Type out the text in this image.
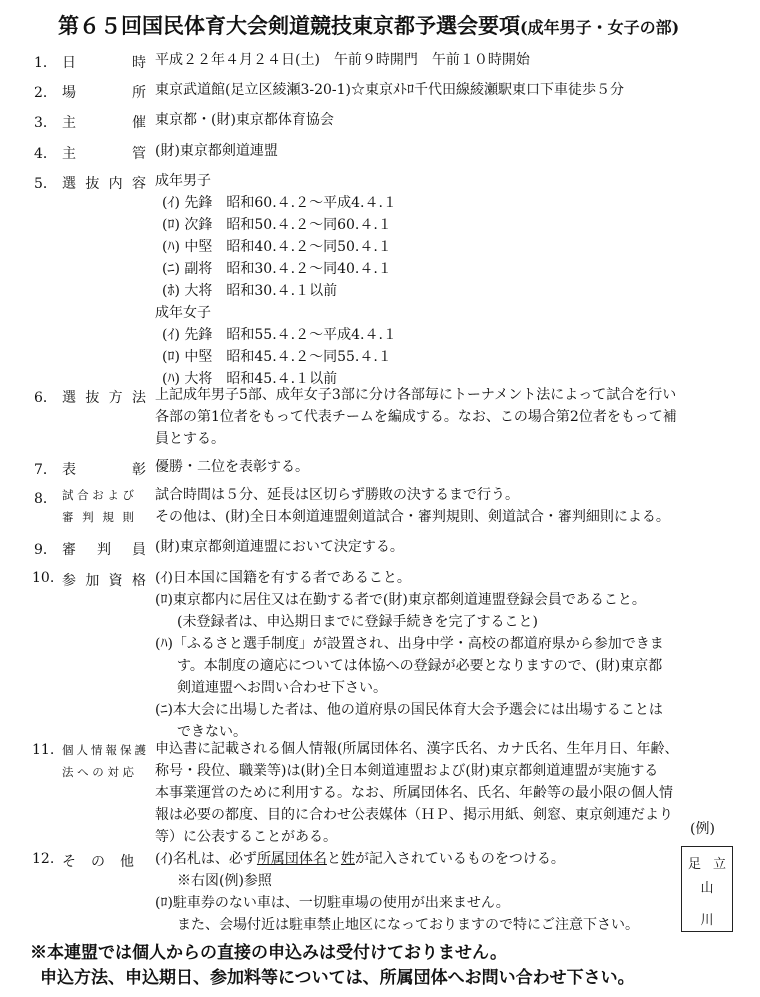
第６５回国民体育大会剣道競技東京都予選会要項(成年男子・女子の部)
1． 日	時 平成２２年４月２４日(土)　午前９時開門　午前１０時開始
2． 場	所 東京武道館(足立区綾瀬3-20-1)☆東京ﾒﾄﾛ千代田線綾瀬駅東口下車徒歩５分
3． 主	催 東京都・(財)東京都体育協会
4． 主	管 (財)東京都剣道連盟
5． 選 抜 内 容 成年男子
(ｲ) 先鋒　昭和60.４.２～平成4.４.１
(ﾛ) 次鋒　昭和50.４.２～同60.４.１
(ﾊ) 中堅　昭和40.４.２～同50.４.１
(ﾆ) 副将　昭和30.４.２～同40.４.１
(ﾎ) 大将　昭和30.４.１以前
成年女子
(ｲ) 先鋒　昭和55.４.２～平成4.４.１
(ﾛ) 中堅　昭和45.４.２～同55.４.１
(ﾊ) 大将　昭和45.４.１以前
6． 選 抜 方 法 上記成年男子5部、成年女子3部に分け各部毎にトーナメント法によって試合を行い
各部の第1位者をもって代表チームを編成する。なお、この場合第2位者をもって補
員とする。
7． 表	彰 優勝・二位を表彰する。
8． 試 合 お よ び
審 判 規 則
試合時間は５分、延長は区切らず勝敗の決するまで行う。
その他は、(財)全日本剣道連盟剣道試合・審判規則、剣道試合・審判細則による。
9． 審 判 員 (財)東京都剣道連盟において決定する。
10. 参 加 資 格 (ｲ)日本国に国籍を有する者であること。
(ﾛ)東京都内に居住又は在勤する者で(財)東京都剣道連盟登録会員であること。
(未登録者は、申込期日までに登録手続きを完了すること)
(ﾊ)「ふるさと選手制度」が設置され、出身中学・高校の都道府県から参加できま
す。本制度の適応については体協への登録が必要となりますので、(財)東京都
剣道連盟へお問い合わせ下さい。
(ﾆ)本大会に出場した者は、他の道府県の国民体育大会予選会には出場することは
できない。
11. 個 人 情 報 保 護
法 へ の 対 応
申込書に記載される個人情報(所属団体名、漢字氏名、カナ氏名、生年月日、年齢、
称号・段位、職業等)は(財)全日本剣道連盟および(財)東京都剣道連盟が実施する
本事業運営のために利用する。なお、所属団体名、氏名、年齢等の最小限の個人情
報は必要の都度、目的に合わせ公表媒体（ＨＰ、掲示用紙、剣窓、東京剣連だより
等）に公表することがある。	(例)
12. そ の 他 (ｲ)名札は、必ず所属団体名と姓が記入されているものをつける。
※右図(例)参照
(ﾛ)駐車券のない車は、一切駐車場の使用が出来ません。
また、会場付近は駐車禁止地区になっておりますので特にご注意下さい。
足 立
山
川
※本連盟では個人からの直接の申込みは受付けておりません。
申込方法、申込期日、参加料等については、所属団体へお問い合わせ下さい。
